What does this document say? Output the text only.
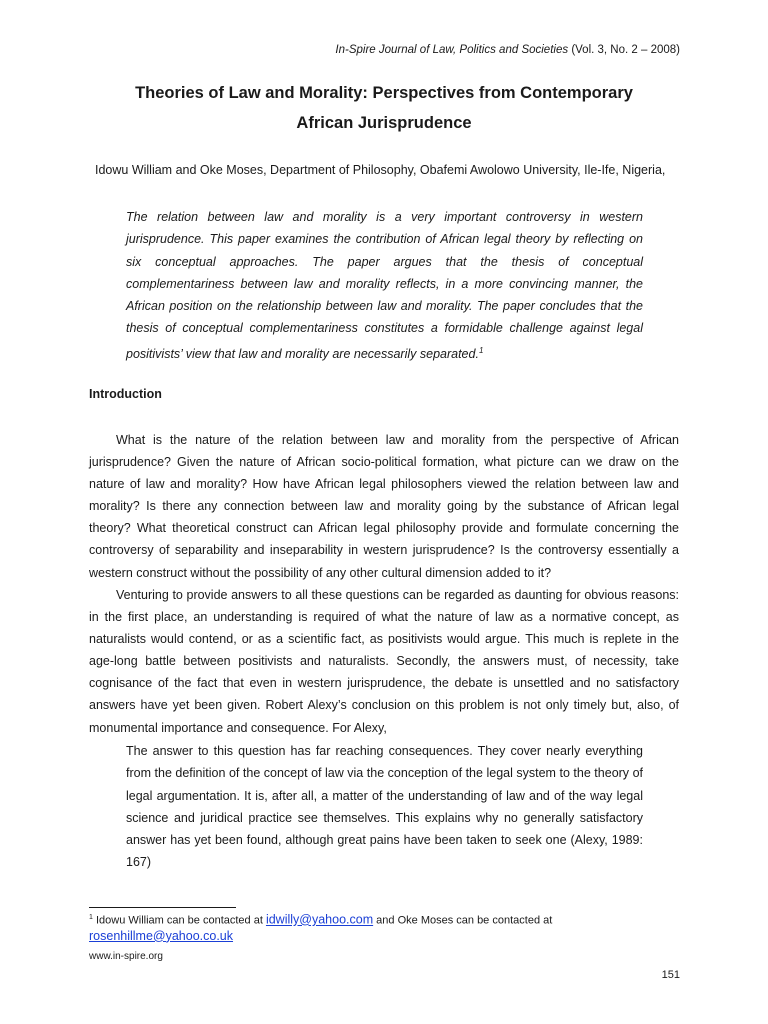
In-Spire Journal of Law, Politics and Societies (Vol. 3, No. 2 – 2008)
Theories of Law and Morality: Perspectives from Contemporary
African Jurisprudence
Idowu William and Oke Moses, Department of Philosophy, Obafemi Awolowo University, Ile-Ife, Nigeria,
The relation between law and morality is a very important controversy in western jurisprudence. This paper examines the contribution of African legal theory by reflecting on six conceptual approaches. The paper argues that the thesis of conceptual complementariness between law and morality reflects, in a more convincing manner, the African position on the relationship between law and morality. The paper concludes that the thesis of conceptual complementariness constitutes a formidable challenge against legal positivists’ view that law and morality are necessarily separated.$^1$
Introduction

What is the nature of the relation between law and morality from the perspective of African jurisprudence? Given the nature of African socio-political formation, what picture can we draw on the nature of law and morality? How have African legal philosophers viewed the relation between law and morality? Is there any connection between law and morality going by the substance of African legal theory? What theoretical construct can African legal philosophy provide and formulate concerning the controversy of separability and inseparability in western jurisprudence? Is the controversy essentially a western construct without the possibility of any other cultural dimension added to it?

Venturing to provide answers to all these questions can be regarded as daunting for obvious reasons: in the first place, an understanding is required of what the nature of law as a normative concept, as naturalists would contend, or as a scientific fact, as positivists would argue. This much is replete in the age-long battle between positivists and naturalists. Secondly, the answers must, of necessity, take cognisance of the fact that even in western jurisprudence, the debate is unsettled and no satisfactory answers have yet been given. Robert Alexy’s conclusion on this problem is not only timely but, also, of monumental importance and consequence. For Alexy,

The answer to this question has far reaching consequences. They cover nearly everything from the definition of the concept of law via the conception of the legal system to the theory of legal argumentation. It is, after all, a matter of the understanding of law and of the way legal science and juridical practice see themselves. This explains why no generally satisfactory answer has yet been found, although great pains have been taken to seek one (Alexy, 1989: 167)

$^1$ Idowu William can be contacted at idwilly@yahoo.com and Oke Moses can be contacted at
rosenhillme@yahoo.co.uk
www.in-spire.org
151
